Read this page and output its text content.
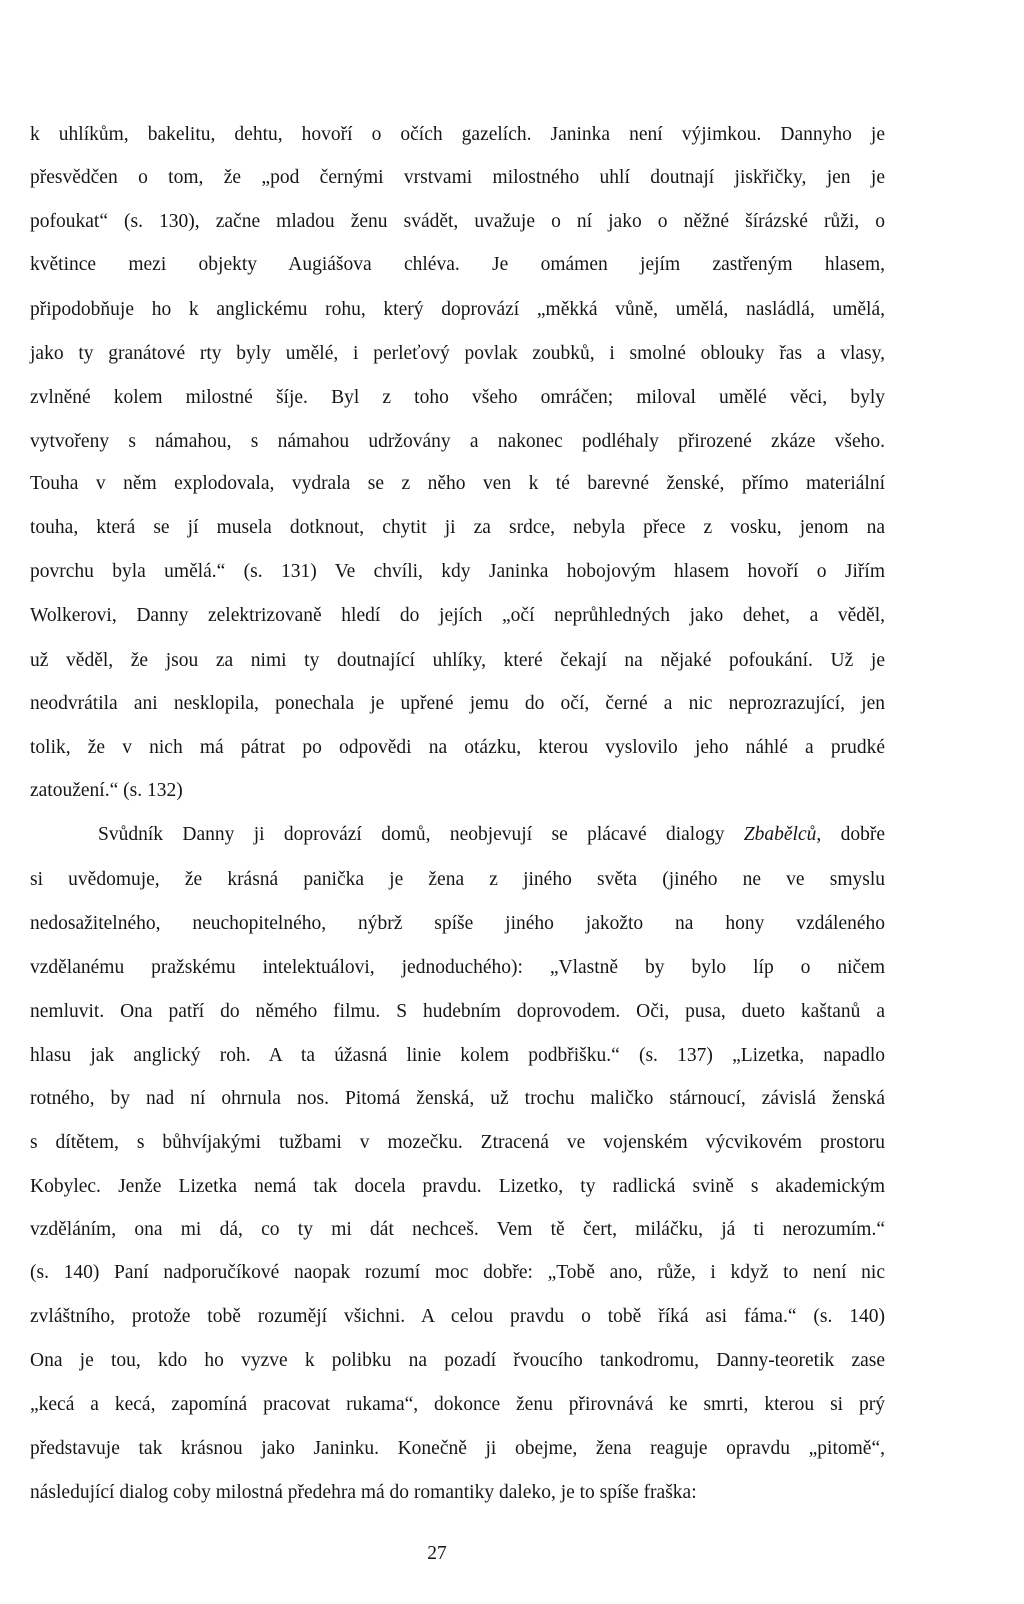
k uhlíkům, bakelitu, dehtu, hovoří o očích gazelích. Janinka není výjimkou. Dannyho je
přesvědčen o tom, že „pod černými vrstvami milostného uhlí doutnají jiskřičky, jen je
pofoukat“ (s. 130), začne mladou ženu svádět, uvažuje o ní jako o něžné šírázské růži, o
květince mezi objekty Augiášova chléva. Je omámen jejím zastřeným hlasem,
připodobňuje ho k anglickému rohu, který doprovází „měkká vůně, umělá, nasládlá, umělá,
jako ty granátové rty byly umělé, i perleťový povlak zoubků, i smolné oblouky řas a vlasy,
zvlněné kolem milostné šíje. Byl z toho všeho omráčen; miloval umělé věci, byly
vytvořeny s námahou, s námahou udržovány a nakonec podléhaly přirozené zkáze všeho.
Touha v něm explodovala, vydrala se z něho ven k té barevné ženské, přímo materiální
touha, která se jí musela dotknout, chytit ji za srdce, nebyla přece z vosku, jenom na
povrchu byla umělá.“ (s. 131) Ve chvíli, kdy Janinka hobojovým hlasem hovoří o Jiřím
Wolkerovi, Danny zelektrizovaně hledí do jejích „očí neprůhledných jako dehet, a věděl,
už věděl, že jsou za nimi ty doutnající uhlíky, které čekají na nějaké pofoukání. Už je
neodvrátila ani nesklopila, ponechala je upřené jemu do očí, černé a nic neprozrazující, jen
tolik, že v nich má pátrat po odpovědi na otázku, kterou vyslovilo jeho náhlé a prudké
zatoužení.“ (s. 132)
Svůdník Danny ji doprovází domů, neobjevují se plácavé dialogy Zbabělců, dobře
si uvědomuje, že krásná panička je žena z jiného světa (jiného ne ve smyslu
nedosažitelného, neuchopitelného, nýbrž spíše jiného jakožto na hony vzdáleného
vzdělanému pražskému intelektuálovi, jednoduchého): „Vlastně by bylo líp o ničem
nemluvit. Ona patří do němého filmu. S hudebním doprovodem. Oči, pusa, dueto kaštanů a
hlasu jak anglický roh. A ta úžasná linie kolem podbřišku.“ (s. 137) „Lizetka, napadlo
rotného, by nad ní ohrnula nos. Pitomá ženská, už trochu maličko stárnoucí, závislá ženská
s dítětem, s bůhvíjakými tužbami v mozečku. Ztracená ve vojenském výcvikovém prostoru
Kobylec. Jenže Lizetka nemá tak docela pravdu. Lizetko, ty radlická svině s akademickým
vzděláním, ona mi dá, co ty mi dát nechceš. Vem tě čert, miláčku, já ti nerozumím.“
(s. 140) Paní nadporučíkové naopak rozumí moc dobře: „Tobě ano, růže, i když to není nic
zvláštního, protože tobě rozumějí všichni. A celou pravdu o tobě říká asi fáma.“ (s. 140)
Ona je tou, kdo ho vyzve k polibku na pozadí řvoucího tankodromu, Danny-teoretik zase
„kecá a kecá, zapomíná pracovat rukama“, dokonce ženu přirovnává ke smrti, kterou si prý
představuje tak krásnou jako Janinku. Konečně ji obejme, žena reaguje opravdu „pitomě“,
následující dialog coby milostná předehra má do romantiky daleko, je to spíše fraška:
27
